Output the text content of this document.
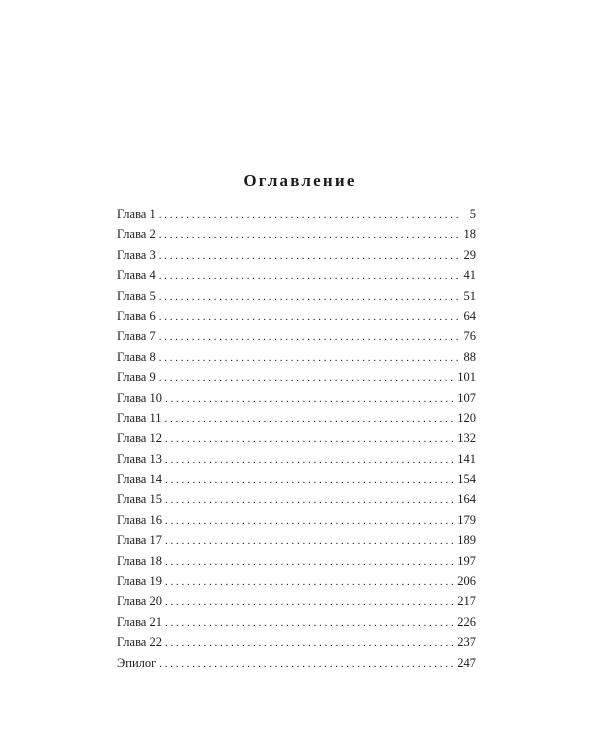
Оглавление
Глава 1 . . .	5
Глава 2 . . .	18
Глава 3 . . .	29
Глава 4 . . .	41
Глава 5 . . .	51
Глава 6 . . .	64
Глава 7 . . .	76
Глава 8 . . .	88
Глава 9 . . .	101
Глава 10 . . .	107
Глава 11 . . .	120
Глава 12 . . .	132
Глава 13 . . .	141
Глава 14 . . .	154
Глава 15 . . .	164
Глава 16 . . .	179
Глава 17 . . .	189
Глава 18 . . .	197
Глава 19 . . .	206
Глава 20 . . .	217
Глава 21 . . .	226
Глава 22 . . .	237
Эпилог . . .	247
